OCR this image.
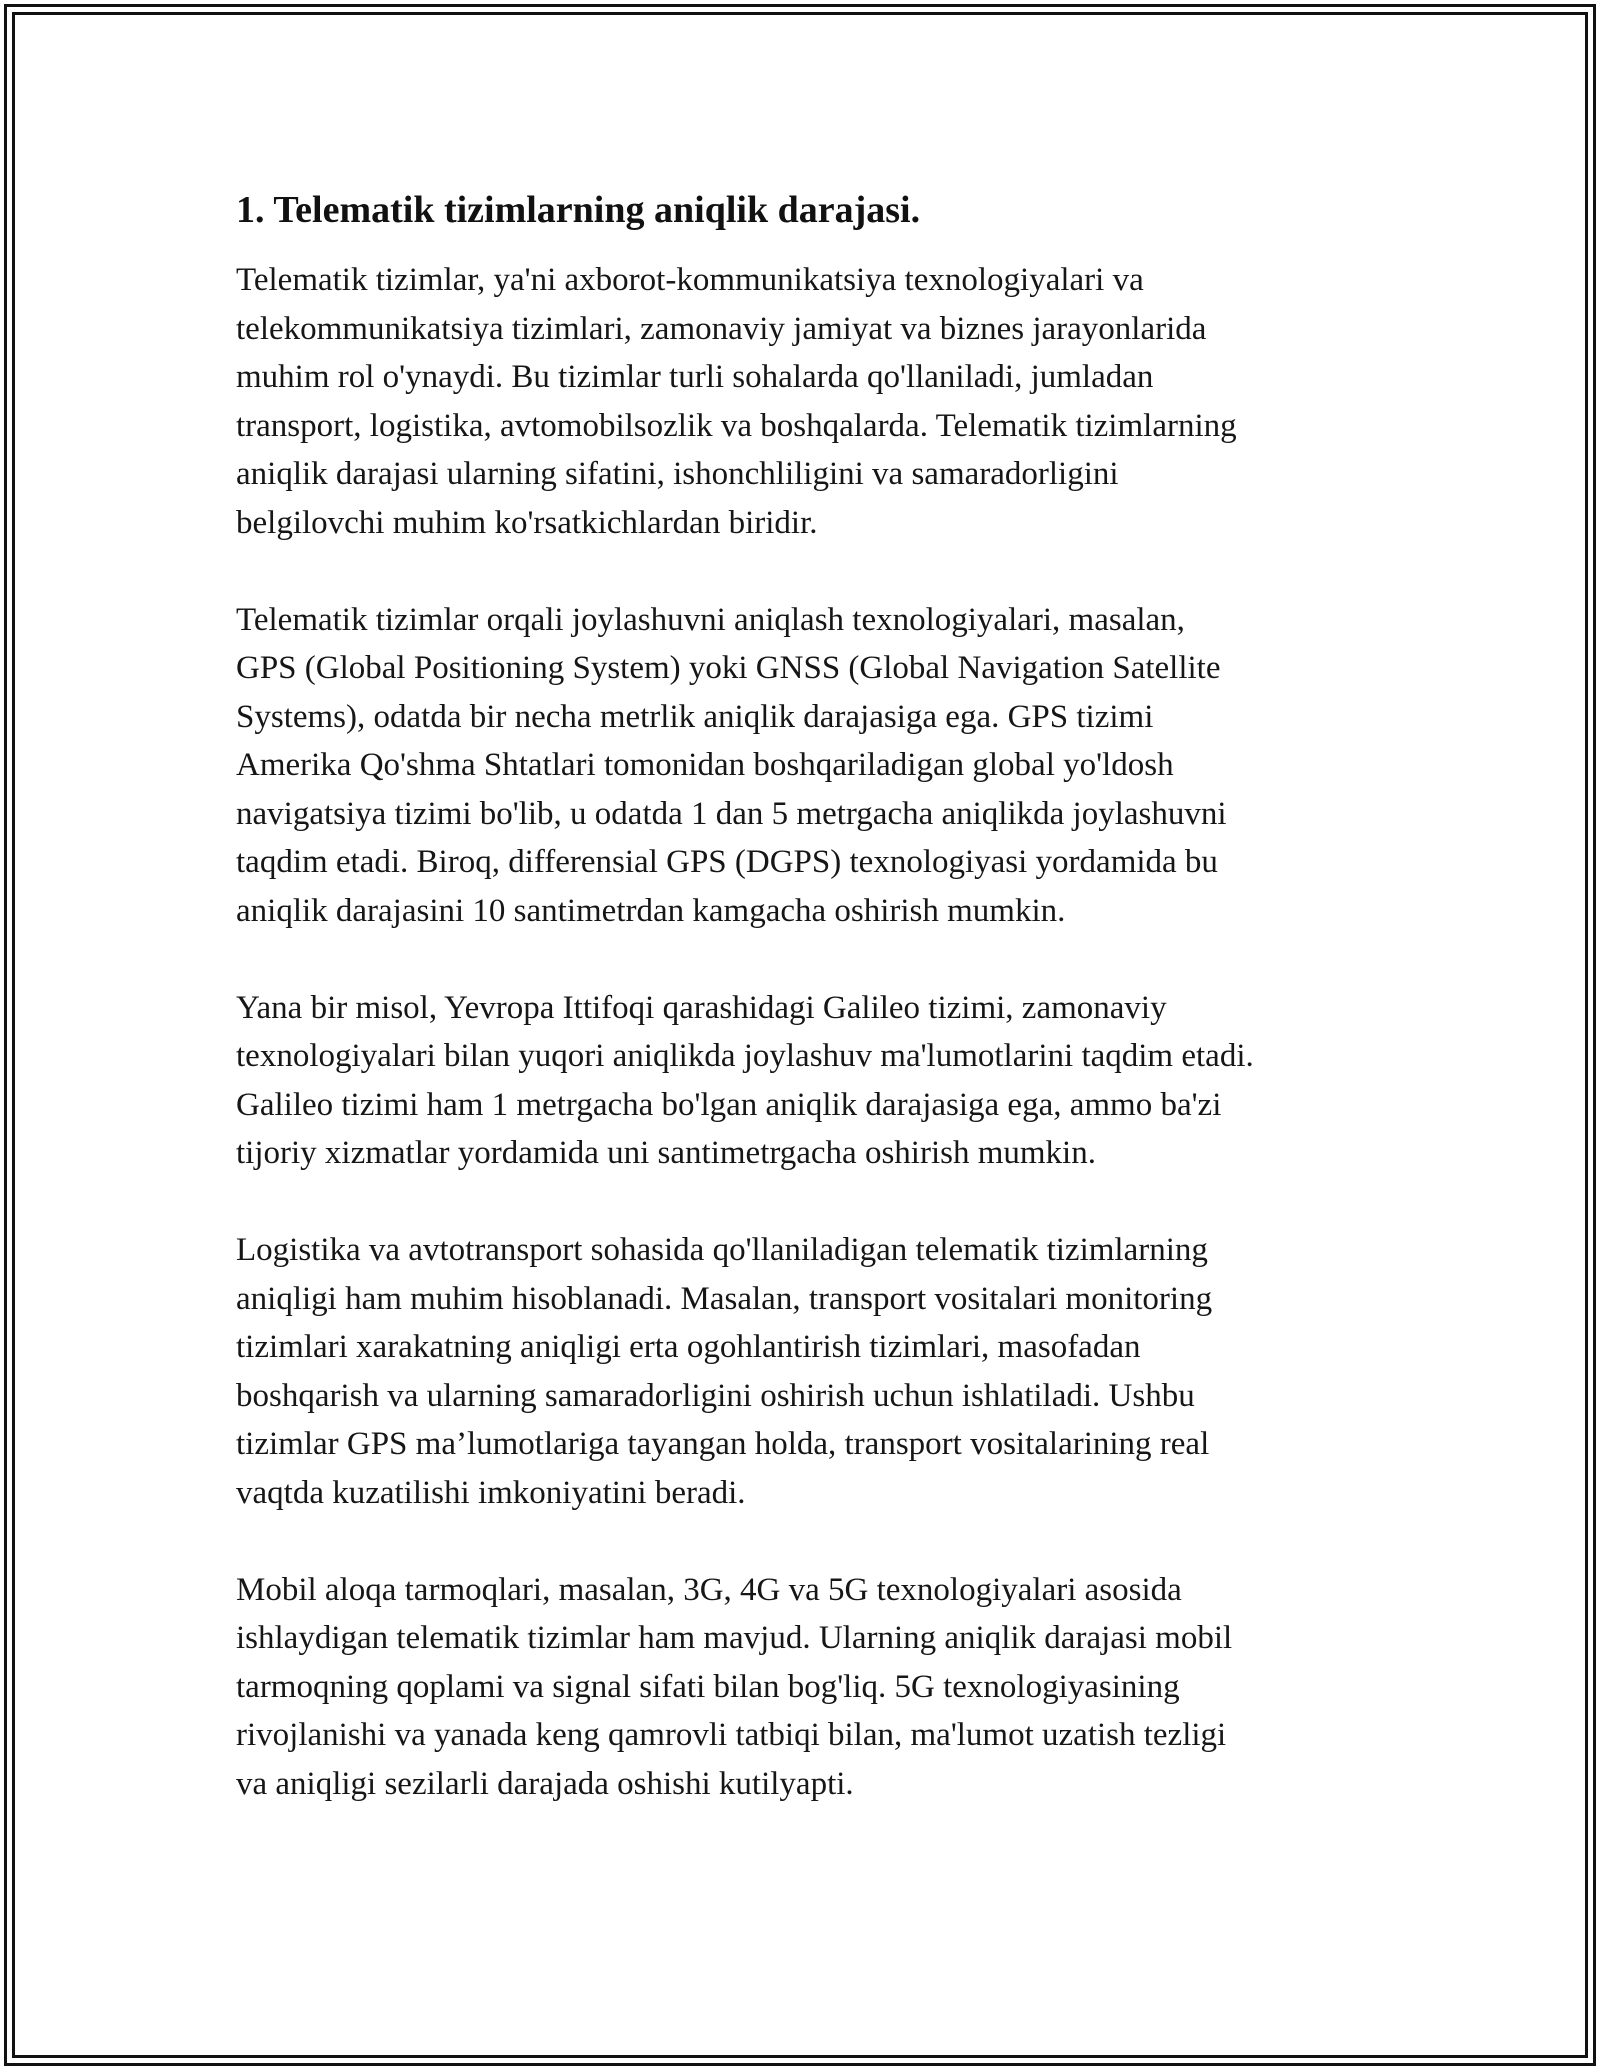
1. Telematik tizimlarning aniqlik darajasi.

Telematik tizimlar, ya'ni axborot-kommunikatsiya texnologiyalari va
telekommunikatsiya tizimlari, zamonaviy jamiyat va biznes jarayonlarida
muhim rol o'ynaydi. Bu tizimlar turli sohalarda qo'llaniladi, jumladan
transport, logistika, avtomobilsozlik va boshqalarda. Telematik tizimlarning
aniqlik darajasi ularning sifatini, ishonchliligini va samaradorligini
belgilovchi muhim ko'rsatkichlardan biridir.

Telematik tizimlar orqali joylashuvni aniqlash texnologiyalari, masalan,
GPS (Global Positioning System) yoki GNSS (Global Navigation Satellite
Systems), odatda bir necha metrlik aniqlik darajasiga ega. GPS tizimi
Amerika Qo'shma Shtatlari tomonidan boshqariladigan global yo'ldosh
navigatsiya tizimi bo'lib, u odatda 1 dan 5 metrgacha aniqlikda joylashuvni
taqdim etadi. Biroq, differensial GPS (DGPS) texnologiyasi yordamida bu
aniqlik darajasini 10 santimetrdan kamgacha oshirish mumkin.

Yana bir misol, Yevropa Ittifoqi qarashidagi Galileo tizimi, zamonaviy
texnologiyalari bilan yuqori aniqlikda joylashuv ma'lumotlarini taqdim etadi.
Galileo tizimi ham 1 metrgacha bo'lgan aniqlik darajasiga ega, ammo ba'zi
tijoriy xizmatlar yordamida uni santimetrgacha oshirish mumkin.

Logistika va avtotransport sohasida qo'llaniladigan telematik tizimlarning
aniqligi ham muhim hisoblanadi. Masalan, transport vositalari monitoring
tizimlari xarakatning aniqligi erta ogohlantirish tizimlari, masofadan
boshqarish va ularning samaradorligini oshirish uchun ishlatiladi. Ushbu
tizimlar GPS ma’lumotlariga tayangan holda, transport vositalarining real
vaqtda kuzatilishi imkoniyatini beradi.

Mobil aloqa tarmoqlari, masalan, 3G, 4G va 5G texnologiyalari asosida
ishlaydigan telematik tizimlar ham mavjud. Ularning aniqlik darajasi mobil
tarmoqning qoplami va signal sifati bilan bog'liq. 5G texnologiyasining
rivojlanishi va yanada keng qamrovli tatbiqi bilan, ma'lumot uzatish tezligi
va aniqligi sezilarli darajada oshishi kutilyapti.
